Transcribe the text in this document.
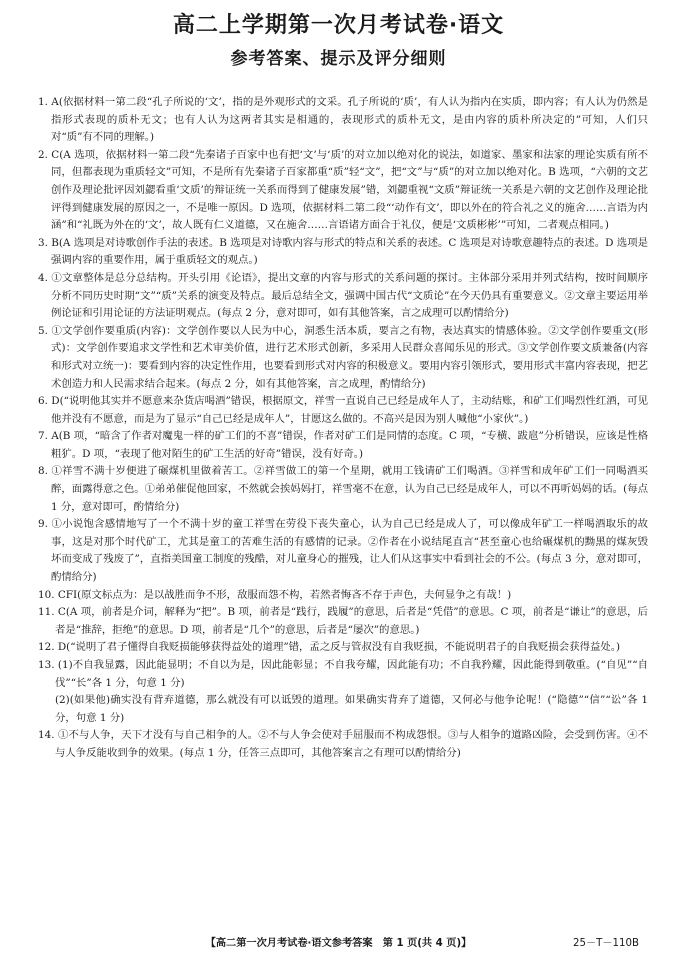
高二上学期第一次月考试卷·语文
参考答案、提示及评分细则

1. A(依据材料一第二段“孔子所说的‘文’，指的是外观形式的文采。孔子所说的‘质’，有人认为指内在实质，即内容；有人认为仍然是指形式表现的质朴无文；也有人认为这两者其实是相通的，表现形式的质朴无文，是由内容的质朴所决定的”可知，人们只对“质”有不同的理解。)

2. C(A 选项，依据材料一第二段“先秦诸子百家中也有把‘文’与‘质’的对立加以绝对化的说法，如道家、墨家和法家的理论实质有所不同，但都表现为重质轻文”可知，不是所有先秦诸子百家都重“质”轻“文”，把“文”与“质”的对立加以绝对化。B 选项，“六朝的文艺创作及理论批评因刘勰看重‘文质’的辩证统一关系而得到了健康发展”错，刘勰重视“文质”辩证统一关系是六朝的文艺创作及理论批评得到健康发展的原因之一，不是唯一原因。D 选项，依据材料二第二段“‘动作有文’，即以外在的符合礼之义的施舍……言语为内涵”和“礼既为外在的‘文’，故人既有仁义道德，又在施舍……言语诸方面合于礼仪，便是‘文质彬彬’”可知，二者观点相同。)

3. B(A 选项是对诗歌创作手法的表述。B 选项是对诗歌内容与形式的特点和关系的表述。C 选项是对诗歌意趣特点的表述。D 选项是强调内容的重要作用，属于重质轻文的观点。)

4. ①文章整体是总分总结构。开头引用《论语》，提出文章的内容与形式的关系问题的探讨。主体部分采用并列式结构，按时间顺序分析不同历史时期“文”“质”关系的演变及特点。最后总结全文，强调中国古代“文质论”在今天仍具有重要意义。②文章主要运用举例论证和引用论证的方法证明观点。(每点 2 分，意对即可，如有其他答案，言之成理可以酌情给分)

5. ①文学创作要重质(内容)：文学创作要以人民为中心，洞悉生活本质，要言之有物，表达真实的情感体验。②文学创作要重文(形式)：文学创作要追求文学性和艺术审美价值，进行艺术形式创新，多采用人民群众喜闻乐见的形式。③文学创作要文质兼备(内容和形式对立统一)：要看到内容的决定性作用，也要看到形式对内容的积极意义。要用内容引领形式，要用形式丰富内容表现，把艺术创造力和人民需求结合起来。(每点 2 分，如有其他答案，言之成理，酌情给分)

6. D(“说明他其实并不愿意来杂货店喝酒”错误，根据原文，祥雪一直说自己已经是成年人了，主动结账，和矿工们喝烈性红酒，可见他并没有不愿意，而是为了显示“自己已经是成年人”，甘愿这么做的。不高兴是因为别人喊他“小家伙”。)

7. A(B 项，“暗含了作者对魔鬼一样的矿工们的不喜”错误，作者对矿工们是同情的态度。C 项，“专横、跋扈”分析错误，应该是性格粗犷。D 项，“表现了他对陌生的矿工生活的好奇”错误，没有好奇。)

8. ①祥雪不满十岁便进了碾煤机里做着苦工。②祥雪做工的第一个星期，就用工钱请矿工们喝酒。③祥雪和成年矿工们一同喝酒买醉，面露得意之色。①弟弟催促他回家，不然就会挨妈妈打，祥雪毫不在意，认为自己已经是成年人，可以不再听妈妈的话。(每点 1 分，意对即可，酌情给分)

9. ①小说饱含感情地写了一个不满十岁的童工祥雪在劳役下丧失童心，认为自己已经是成人了，可以像成年矿工一样喝酒取乐的故事，这是对那个时代矿工，尤其是童工的苦难生活的有感情的记录。②作者在小说结尾直言“甚至童心也给碾煤机的黝黑的煤灰毁坏而变成了残废了”，直指美国童工制度的残酷，对儿童身心的摧残，让人们从这事实中看到社会的不公。(每点 3 分，意对即可，酌情给分)

10. CFI(原文标点为：是以战胜而争不形，敌服而怨不构，若然者悔吝不存于声色，夫何显争之有哉！)

11. C(A 项，前者是介词，解释为“把”。B 项，前者是“践行，践履”的意思，后者是“凭借”的意思。C 项，前者是“谦让”的意思，后者是“推辞，拒绝”的意思。D 项，前者是“几个”的意思，后者是“屡次”的意思。)

12. D(“说明了君子懂得自我贬损能够获得益处的道理”错，孟之反与管叔没有自我贬损，不能说明君子的自我贬损会获得益处。)

13. (1)不自我显露，因此能显明；不自以为是，因此能彰显；不自我夸耀，因此能有功；不自我矜耀，因此能得到敬重。(“自见”“自伐”“长”各 1 分，句意 1 分)

(2)(如果他)确实没有背弃道德，那么就没有可以诋毁的道理。如果确实背弃了道德，又何必与他争论呢！(“隐德”“信”“讼”各 1 分，句意 1 分)

14. ①不与人争，天下才没有与自己相争的人。②不与人争会使对手屈服而不构成怨恨。③与人相争的道路凶险，会受到伤害。④不与人争反能收到争的效果。(每点 1 分，任答三点即可，其他答案言之有理可以酌情给分)

【高二第一次月考试卷·语文参考答案　第 1 页(共 4 页)】	25－T－110B
